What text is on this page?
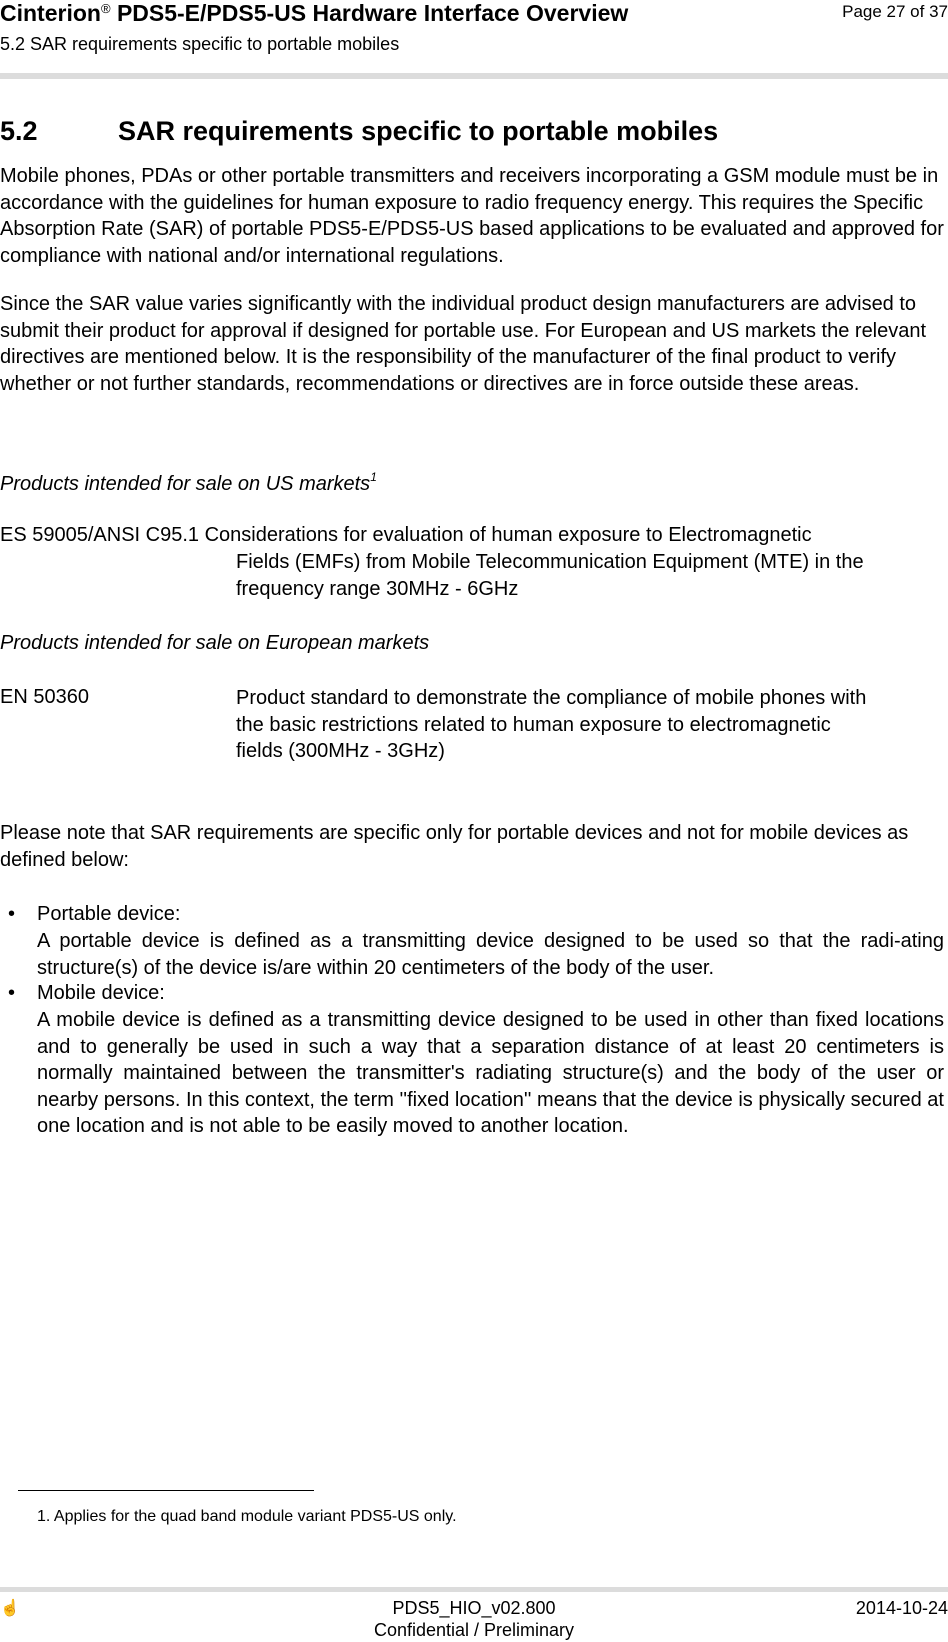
Cinterion® PDS5-E/PDS5-US Hardware Interface Overview	Page 27 of 37
5.2 SAR requirements specific to portable mobiles
5.2	SAR requirements specific to portable mobiles
Mobile phones, PDAs or other portable transmitters and receivers incorporating a GSM module must be in accordance with the guidelines for human exposure to radio frequency energy. This requires the Specific Absorption Rate (SAR) of portable PDS5-E/PDS5-US based applications to be evaluated and approved for compliance with national and/or international regulations.
Since the SAR value varies significantly with the individual product design manufacturers are advised to submit their product for approval if designed for portable use. For European and US markets the relevant directives are mentioned below. It is the responsibility of the manufacturer of the final product to verify whether or not further standards, recommendations or directives are in force outside these areas.
Products intended for sale on US markets$^1$
ES 59005/ANSI C95.1 Considerations for evaluation of human exposure to Electromagnetic
Fields (EMFs) from Mobile Telecommunication Equipment (MTE) in the
frequency range 30MHz - 6GHz
Products intended for sale on European markets
EN 50360	Product standard to demonstrate the compliance of mobile phones with
the basic restrictions related to human exposure to electromagnetic
fields (300MHz - 3GHz)
Please note that SAR requirements are specific only for portable devices and not for mobile devices as defined below:
• Portable device:
A portable device is defined as a transmitting device designed to be used so that the radi-ating structure(s) of the device is/are within 20 centimeters of the body of the user.
• Mobile device:
A mobile device is defined as a transmitting device designed to be used in other than fixed locations and to generally be used in such a way that a separation distance of at least 20 centimeters is normally maintained between the transmitter's radiating structure(s) and the body of the user or nearby persons. In this context, the term ''fixed location'' means that the device is physically secured at one location and is not able to be easily moved to another location.
1. Applies for the quad band module variant PDS5-US only.
☝	PDS5_HIO_v02.800
Confidential / Preliminary
2014-10-24
